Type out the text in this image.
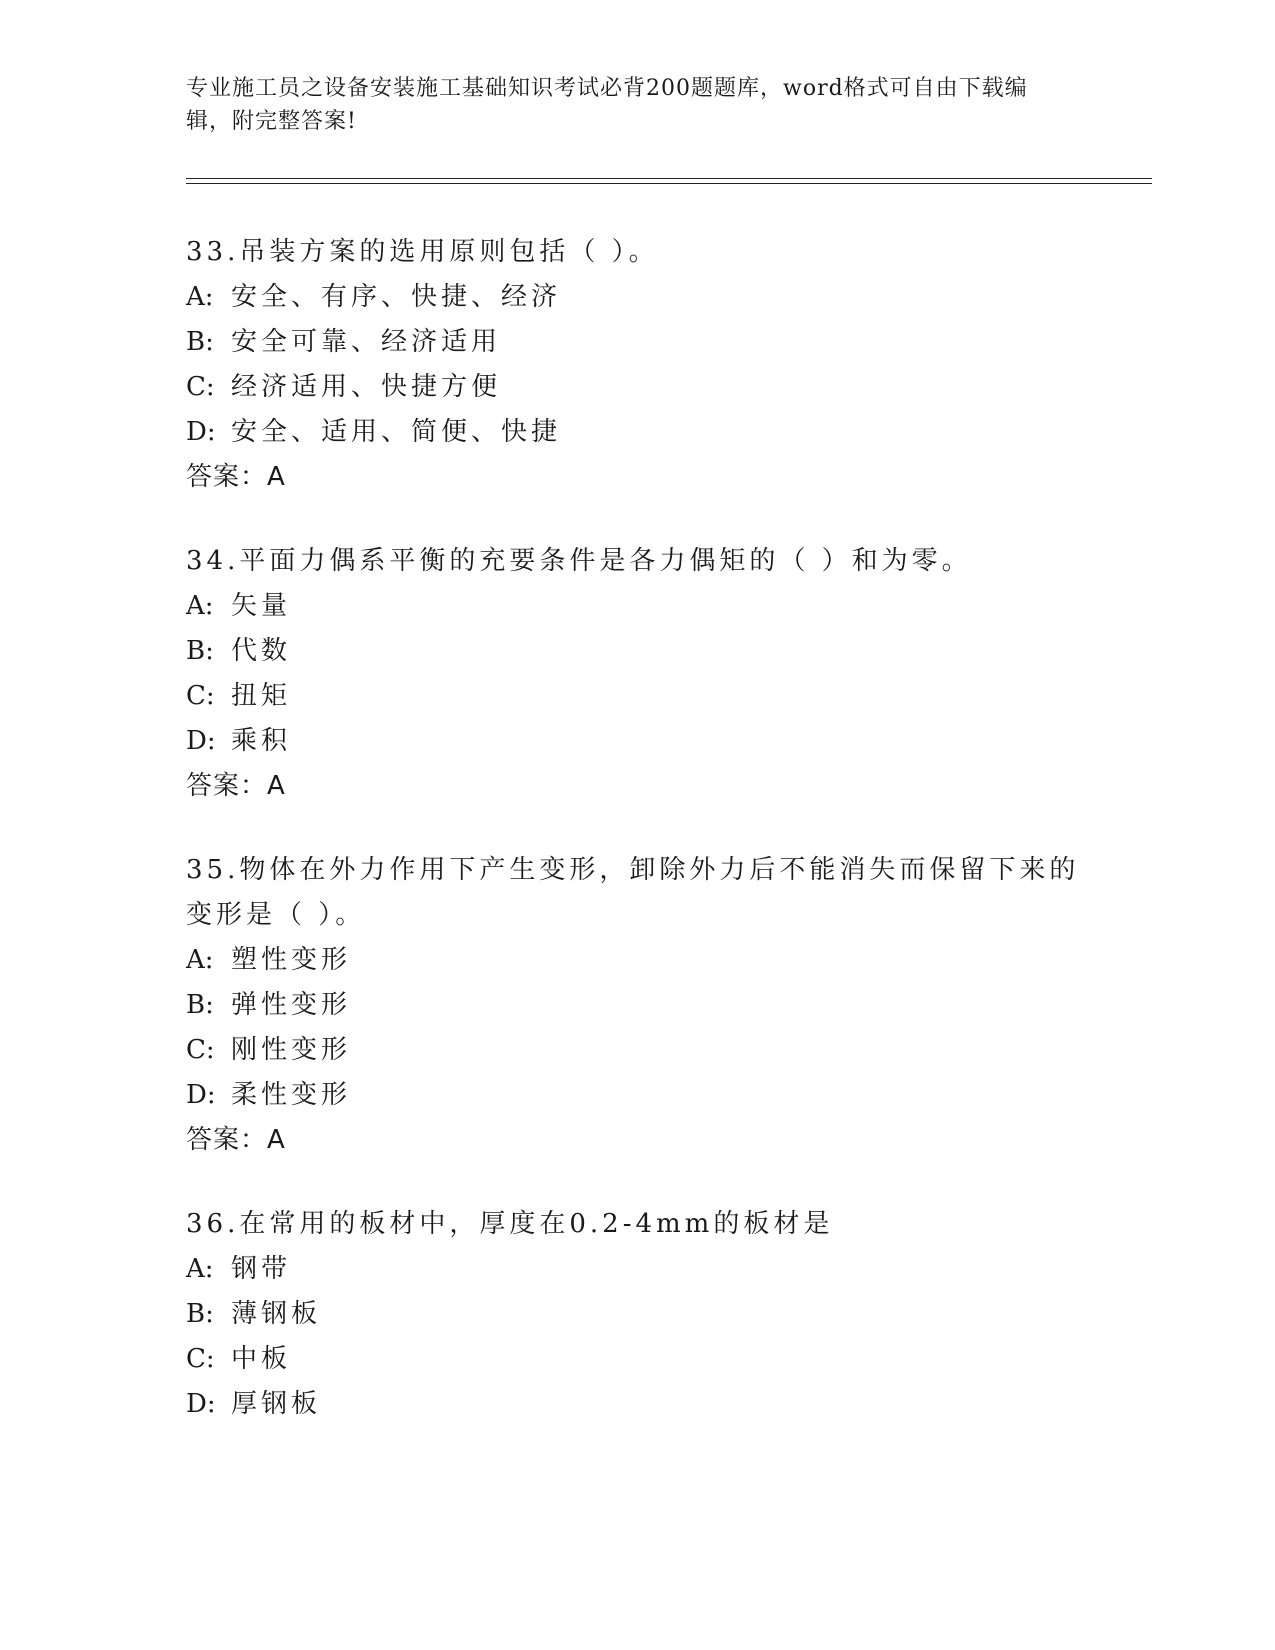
专业施工员之设备安装施工基础知识考试必背200题题库，word格式可自由下载编辑，附完整答案!

33.吊装方案的选用原则包括（ ）。

A: 安全、有序、快捷、经济

B: 安全可靠、经济适用

C: 经济适用、快捷方便

D: 安全、适用、简便、快捷

答案：A

34.平面力偶系平衡的充要条件是各力偶矩的（ ）和为零。

A: 矢量

B: 代数

C: 扭矩

D: 乘积

答案：A

35.物体在外力作用下产生变形，卸除外力后不能消失而保留下来的变形是（ ）。

A: 塑性变形

B: 弹性变形

C: 刚性变形

D: 柔性变形

答案：A

36.在常用的板材中，厚度在0.2-4mm的板材是

A: 钢带

B: 薄钢板

C: 中板

D: 厚钢板
